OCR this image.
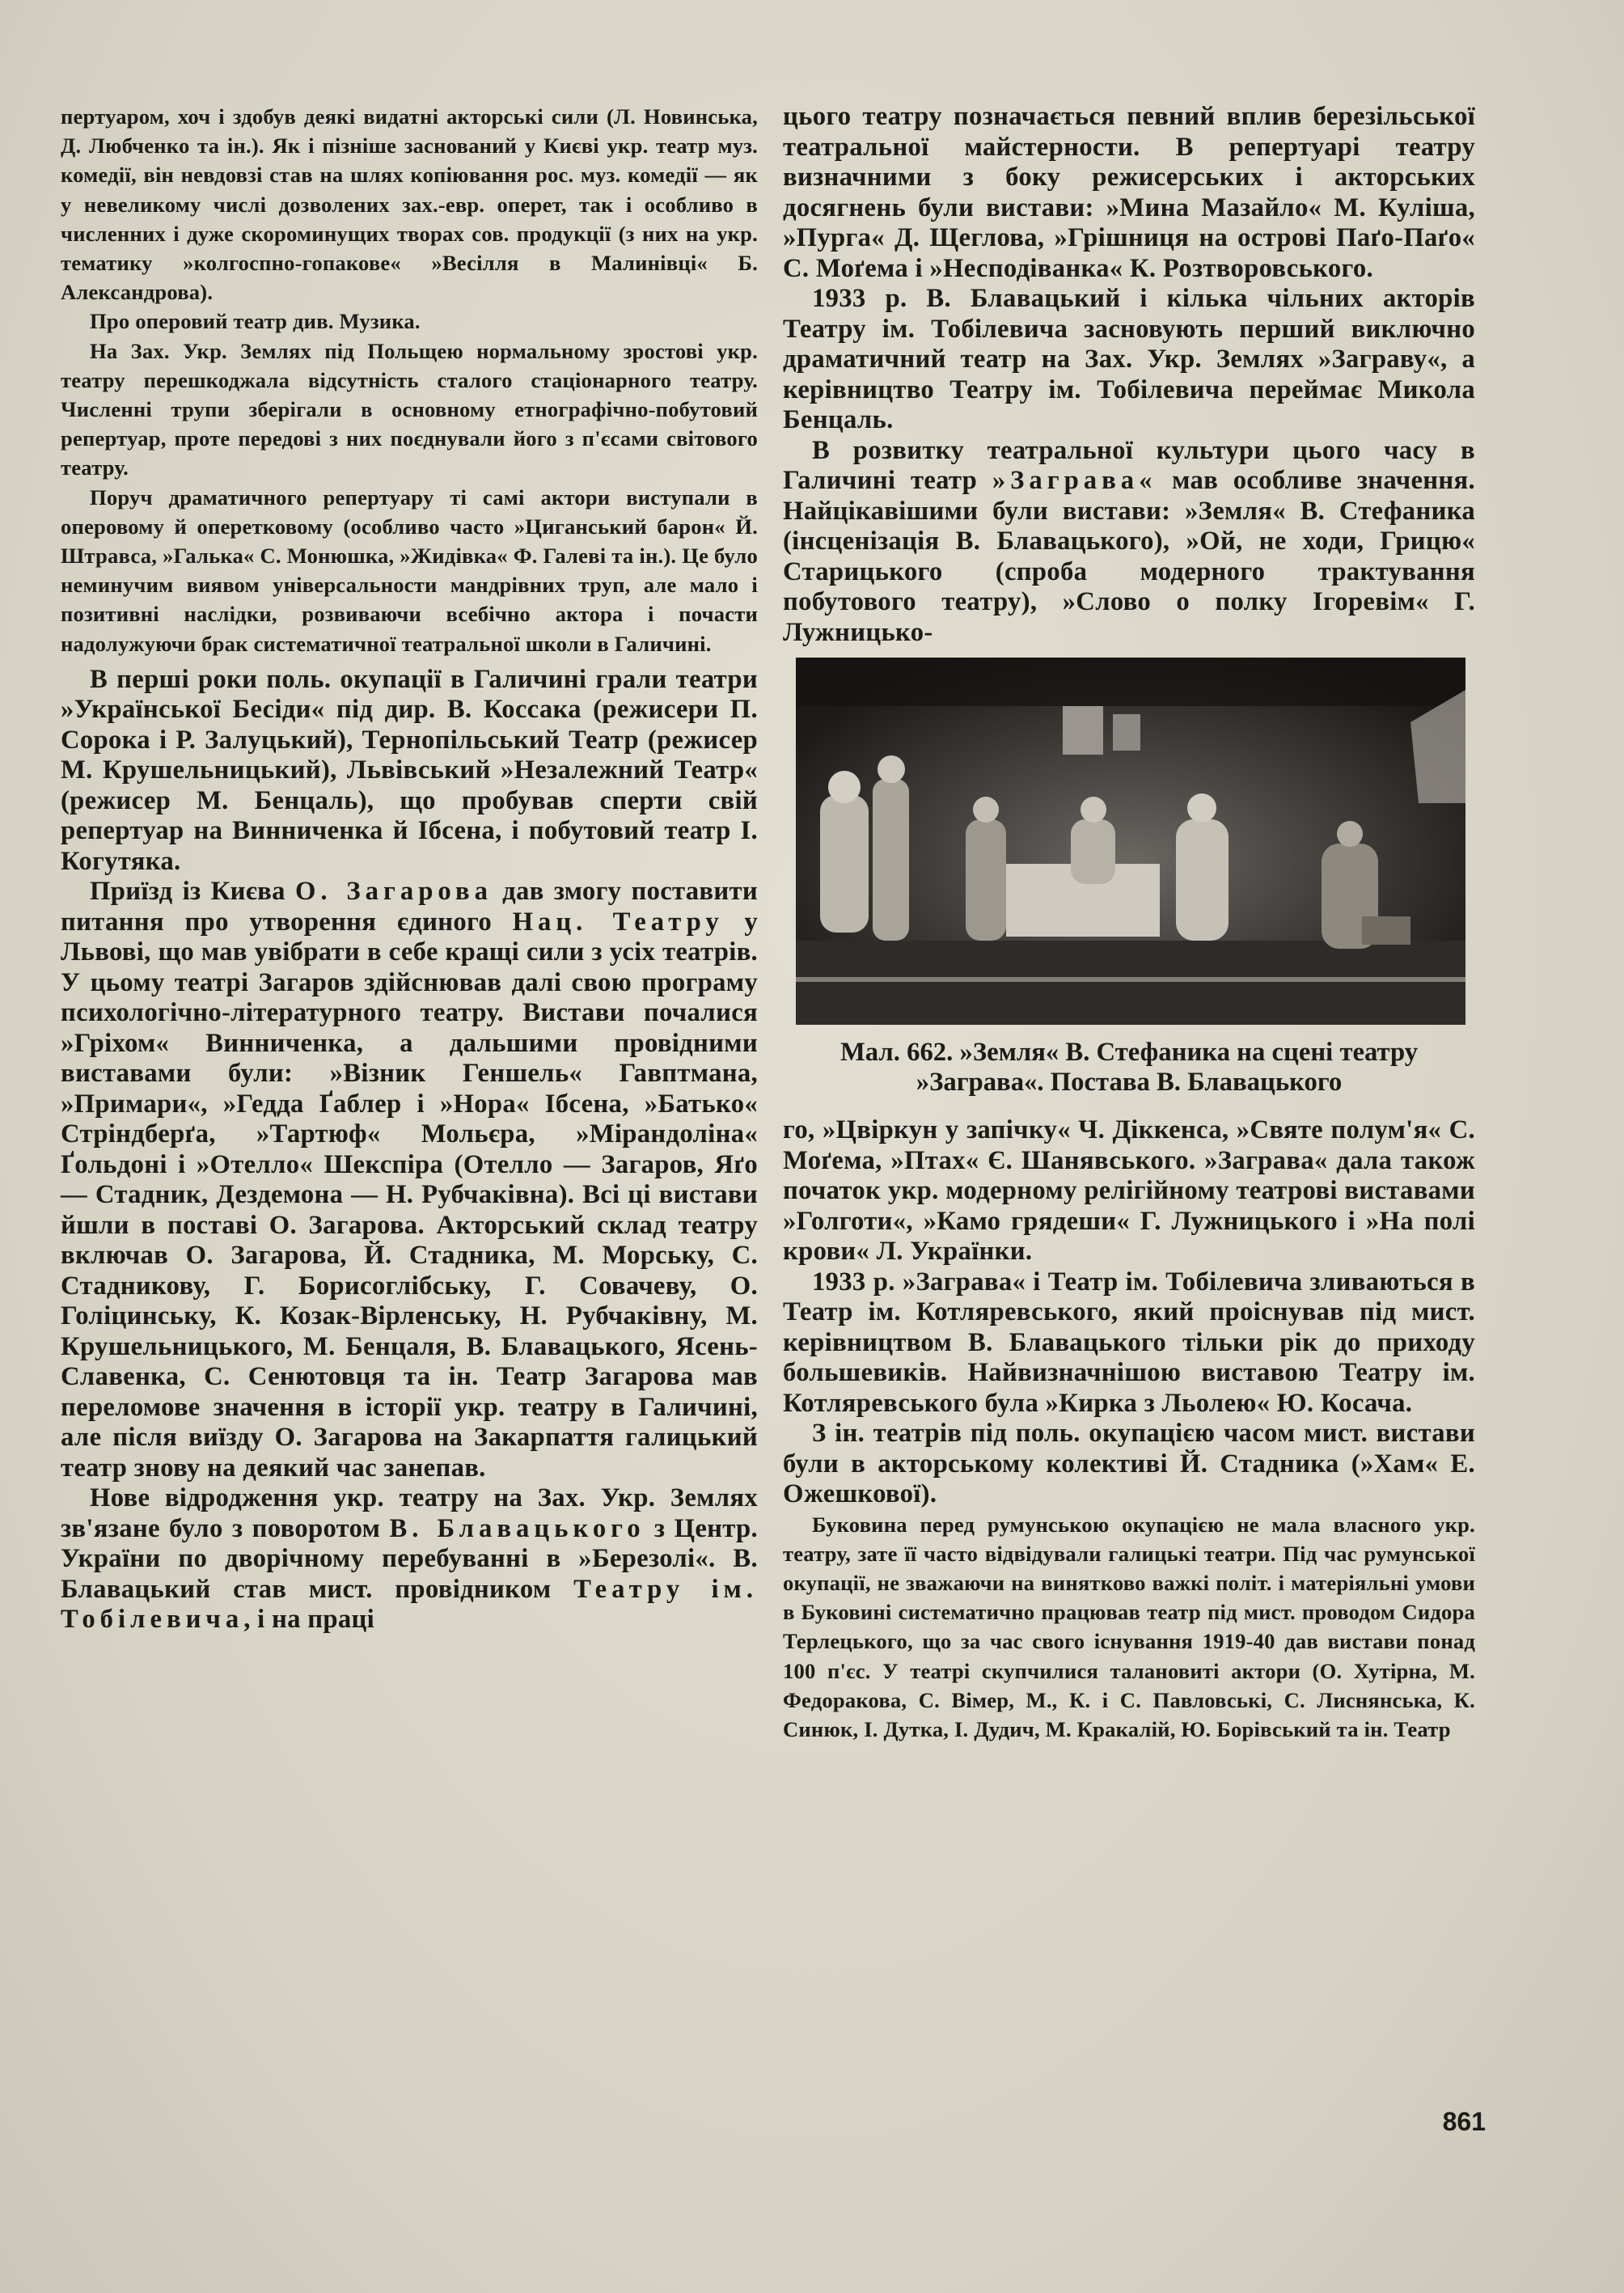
пертуаром, хоч і здобув деякі видатні акторські сили (Л. Новинська, Д. Любченко та ін.). Як і пізніше заснований у Києві укр. театр муз. комедії, він невдовзі став на шлях копіювання рос. муз. комедії — як у невеликому числі дозволених зах.-евр. оперет, так і особливо в численних і дуже скороминущих творах сов. продукції (з них на укр. тематику »колгоспно-гопакове« »Весілля в Малинівці« Б. Александрова).

Про оперовий театр див. Музика.

На Зах. Укр. Землях під Польщею нормальному зростові укр. театру перешкоджала відсутність сталого стаціонарного театру. Численні трупи зберігали в основному етнографічно-побутовий репертуар, проте передові з них поєднували його з п'єсами світового театру.

Поруч драматичного репертуару ті самі актори виступали в оперовому й оперетковому (особливо часто »Циганський барон« Й. Штравса, »Галька« С. Монюшка, »Жидівка« Ф. Галеві та ін.). Це було неминучим виявом універсальности мандрівних труп, але мало і позитивні наслідки, розвиваючи всебічно актора і почасти надолужуючи брак систематичної театральної школи в Галичині.

В перші роки поль. окупації в Галичині грали театри »Української Бесіди« під дир. В. Коссака (режисери П. Сорока і Р. Залуцький), Тернопільський Театр (режисер М. Крушельницький), Львівський »Незалежний Театр« (режисер М. Бенцаль), що пробував сперти свій репертуар на Винниченка й Ібсена, і побутовий театр І. Когутяка.

Приїзд із Києва О. Загарова дав змогу поставити питання про утворення єдиного Нац. Театру у Львові, що мав увібрати в себе кращі сили з усіх театрів. У цьому театрі Загаров здійснював далі свою програму психологічно-літературного театру. Вистави почалися »Гріхом« Винниченка, а дальшими провідними виставами були: »Візник Геншель« Гавптмана, »Примари«, »Гедда Ґаблер і »Нора« Ібсена, »Батько« Стріндберґа, »Тартюф« Мольєра, »Мірандоліна« Ґольдоні і »Отелло« Шекспіра (Отелло — Загаров, Яґо — Стадник, Дездемона — Н. Рубчаківна). Всі ці вистави йшли в поставі О. Загарова. Акторський склад театру включав О. Загарова, Й. Стадника, М. Морську, С. Стадникову, Г. Борисоглібську, Г. Совачеву, О. Голіцинську, К. Козак-Вірленську, Н. Рубчаківну, М. Крушельницького, М. Бенцаля, В. Блавацького, Ясень-Славенка, С. Сенютовця та ін. Театр Загарова мав переломове значення в історії укр. театру в Галичині, але після виїзду О. Загарова на Закарпаття галицький театр знову на деякий час занепав.

Нове відродження укр. театру на Зах. Укр. Землях зв'язане було з поворотом В. Блавацького з Центр. України по дворічному перебуванні в »Березолі«. В. Блавацький став мист. провідником Театру ім. Тобілевича, і на праці

цього театру позначається певний вплив березільської театральної майстерности. В репертуарі театру визначними з боку режисерських і акторських досягнень були вистави: »Мина Мазайло« М. Куліша, »Пурга« Д. Щеглова, »Грішниця на острові Паґо-Паґо« С. Моґема і »Несподіванка« К. Розтворовського.

1933 р. В. Блавацький і кілька чільних акторів Театру ім. Тобілевича засновують перший виключно драматичний театр на Зах. Укр. Землях »Заграву«, а керівництво Театру ім. Тобілевича переймає Микола Бенцаль.

В розвитку театральної культури цього часу в Галичині театр »Заграва« мав особливе значення. Найцікавішими були вистави: »Земля« В. Стефаника (інсценізація В. Блавацького), »Ой, не ходи, Грицю« Старицького (спроба модерного трактування побутового театру), »Слово о полку Ігоревім« Г. Лужницько-

Мал. 662. »Земля« В. Стефаника на сцені театру »Заграва«. Постава В. Блавацького

го, »Цвіркун у запічку« Ч. Діккенса, »Святе полум'я« С. Моґема, »Птах« Є. Шанявського. »Заграва« дала також початок укр. модерному релігійному театрові виставами »Голготи«, »Камо грядеши« Г. Лужницького і »На полі крови« Л. Українки.

1933 р. »Заграва« і Театр ім. Тобілевича зливаються в Театр ім. Котляревського, який проіснував під мист. керівництвом В. Блавацького тільки рік до приходу большевиків. Найвизначнішою виставою Театру ім. Котляревського була »Кирка з Льолею« Ю. Косача.

З ін. театрів під поль. окупацією часом мист. вистави були в акторському колективі Й. Стадника (»Хам« Е. Ожешкової).

Буковина перед румунською окупацією не мала власного укр. театру, зате її часто відвідували галицькі театри. Під час румунської окупації, не зважаючи на винятково важкі політ. і матеріяльні умови в Буковині систематично працював театр під мист. проводом Сидора Терлецького, що за час свого існування 1919-40 дав вистави понад 100 п'єс. У театрі скупчилися талановиті актори (О. Хутірна, М. Федоракова, С. Вімер, М., К. і С. Павловські, С. Лиснянська, К. Синюк, І. Дутка, І. Дудич, М. Кракалій, Ю. Борівський та ін. Театр

861
